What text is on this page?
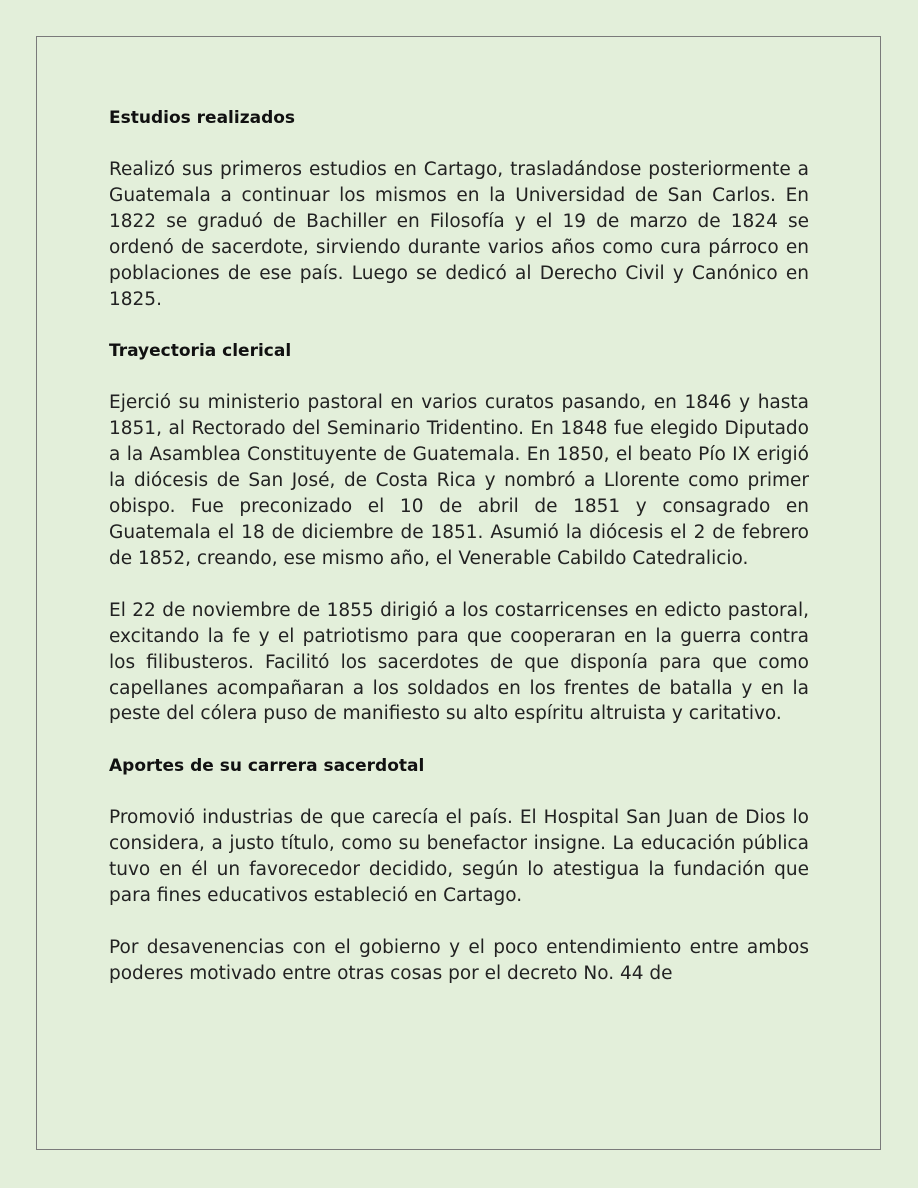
Estudios realizados

Realizó sus primeros estudios en Cartago, trasladándose posteriormente a Guatemala a continuar los mismos en la Universidad de San Carlos. En 1822 se graduó de Bachiller en Filosofía y el 19 de marzo de 1824 se ordenó de sacerdote, sirviendo durante varios años como cura párroco en poblaciones de ese país. Luego se dedicó al Derecho Civil y Canónico en 1825.

Trayectoria clerical

Ejerció su ministerio pastoral en varios curatos pasando, en 1846 y hasta 1851, al Rectorado del Seminario Tridentino. En 1848 fue elegido Diputado a la Asamblea Constituyente de Guatemala. En 1850, el beato Pío IX erigió la diócesis de San José, de Costa Rica y nombró a Llorente como primer obispo. Fue preconizado el 10 de abril de 1851 y consagrado en Guatemala el 18 de diciembre de 1851. Asumió la diócesis el 2 de febrero de 1852, creando, ese mismo año, el Venerable Cabildo Catedralicio.

El 22 de noviembre de 1855 dirigió a los costarricenses en edicto pastoral, excitando la fe y el patriotismo para que cooperaran en la guerra contra los filibusteros. Facilitó los sacerdotes de que disponía para que como capellanes acompañaran a los soldados en los frentes de batalla y en la peste del cólera puso de manifiesto su alto espíritu altruista y caritativo.

Aportes de su carrera sacerdotal

Promovió industrias de que carecía el país. El Hospital San Juan de Dios lo considera, a justo título, como su benefactor insigne. La educación pública tuvo en él un favorecedor decidido, según lo atestigua la fundación que para fines educativos estableció en Cartago.

Por desavenencias con el gobierno y el poco entendimiento entre ambos poderes motivado entre otras cosas por el decreto No. 44 de
